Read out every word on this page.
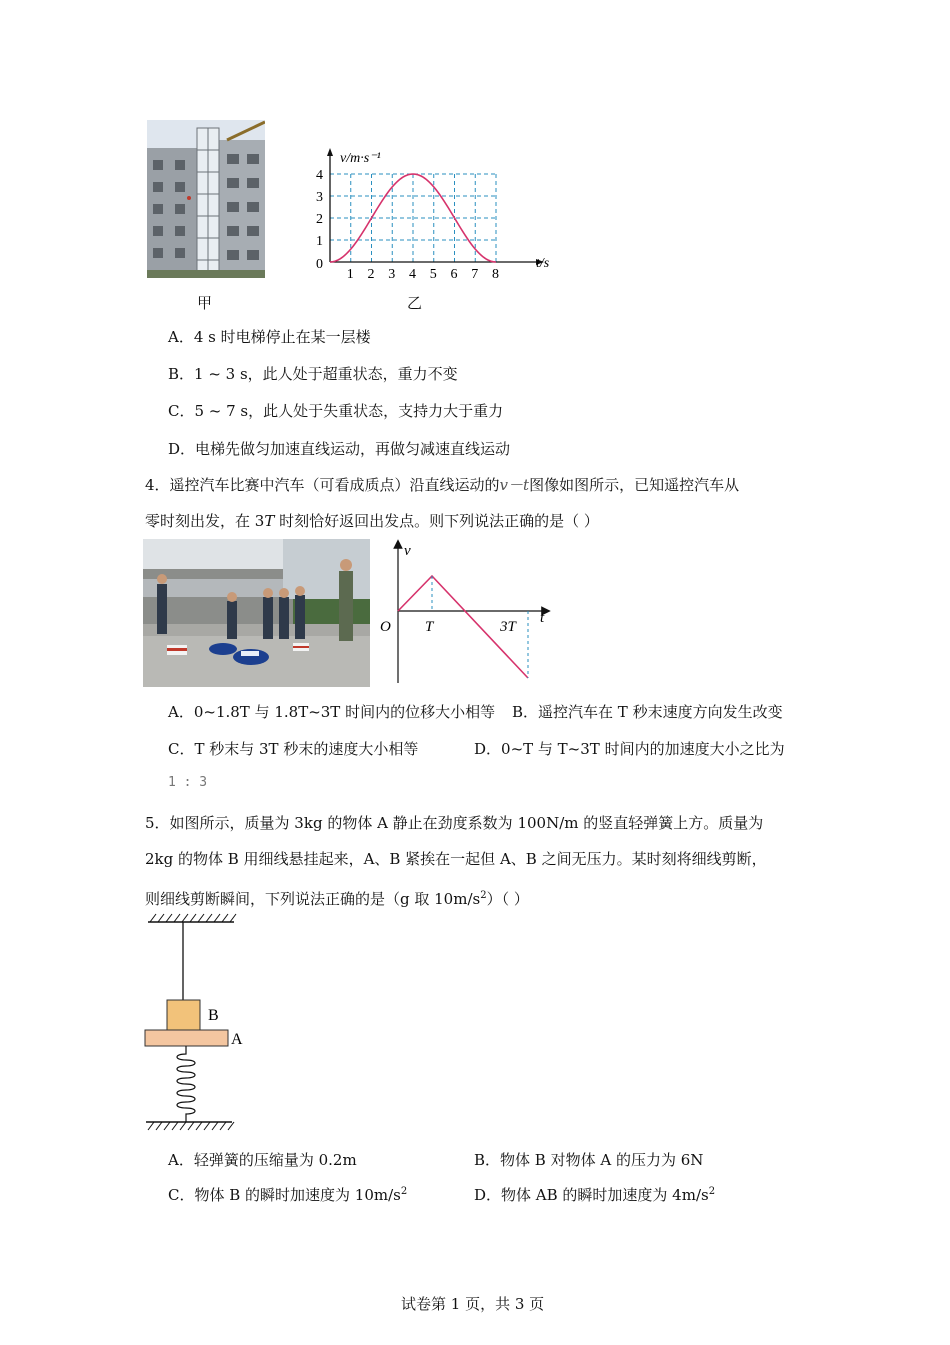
甲
1 2 3 4 5 6 7 8
1
2
3
4
0
v/m·s⁻¹
t/s
乙
A．4 s 时电梯停止在某一层楼
B．1 ~ 3 s，此人处于超重状态，重力不变
C．5 ~ 7 s，此人处于失重状态，支持力大于重力
D．电梯先做匀加速直线运动，再做匀减速直线运动
4．遥控汽车比赛中汽车（可看成质点）沿直线运动的v－t图像如图所示，已知遥控汽车从
零时刻出发，在 3T 时刻恰好返回出发点。则下列说法正确的是（ ）
v
t
O T	3T
A．0~1.8T 与 1.8T~3T 时间内的位移大小相等 B．遥控汽车在 T 秒末速度方向发生改变
C．T 秒末与 3T 秒末的速度大小相等	D．0~T 与 T~3T 时间内的加速度大小之比为
1 : 3
5．如图所示，质量为 3kg 的物体 A 静止在劲度系数为 100N/m 的竖直轻弹簧上方。质量为
2kg 的物体 B 用细线悬挂起来，A、B 紧挨在一起但 A、B 之间无压力。某时刻将细线剪断，
则细线剪断瞬间，下列说法正确的是（g 取 $10m/s^2$）（ ）
B
A
A．轻弹簧的压缩量为 0.2m	B．物体 B 对物体 A 的压力为 6N
C．物体 B 的瞬时加速度为 $10m/s^2$	D．物体 AB 的瞬时加速度为 $4m/s^2$
试卷第 1 页，共 3 页
